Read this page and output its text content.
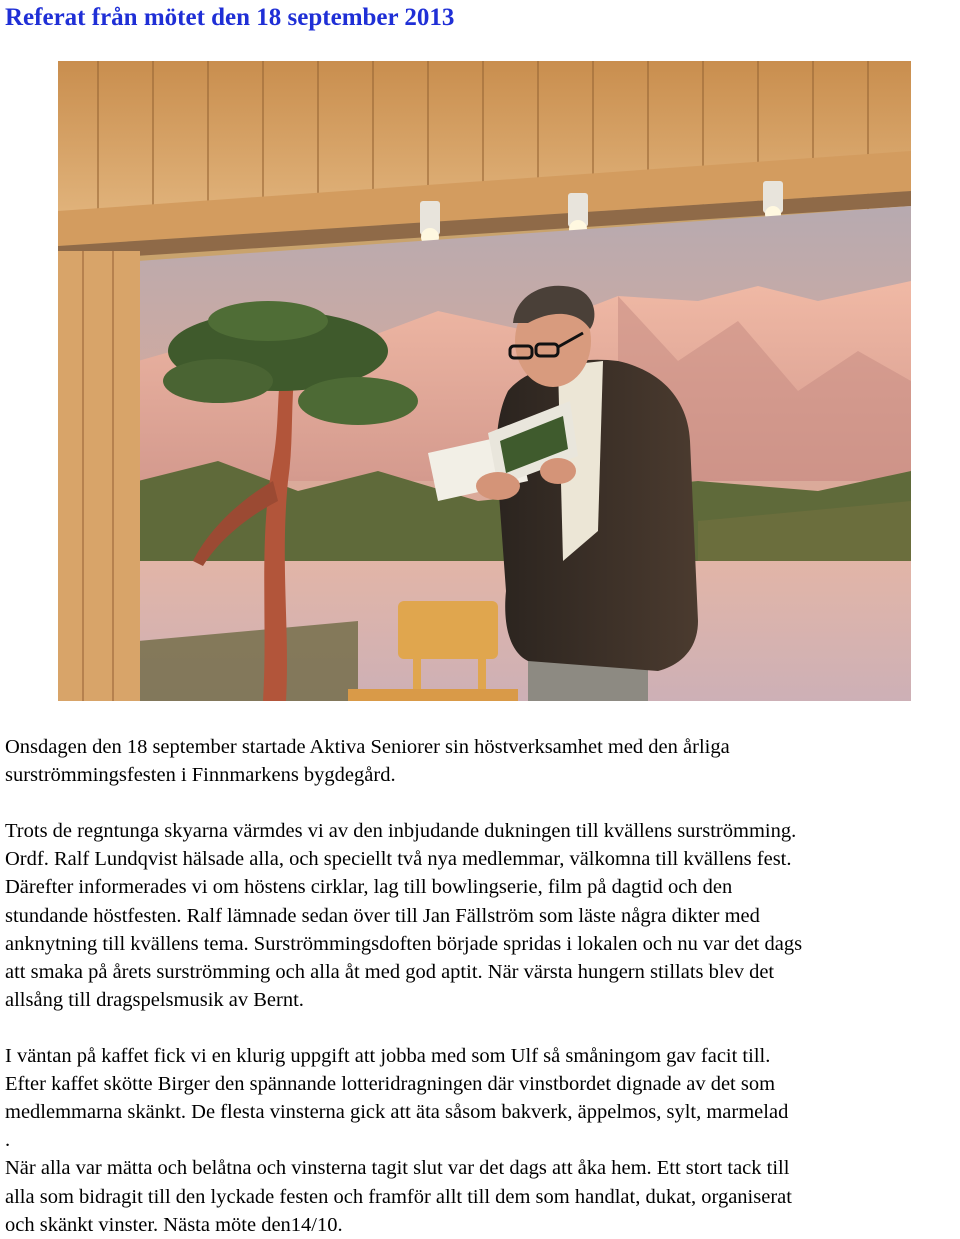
Referat från mötet den 18 september 2013

Onsdagen den 18 september startade Aktiva Seniorer sin höstverksamhet med den årliga
surströmmingsfesten i Finnmarkens bygdegård.

Trots de regntunga skyarna värmdes vi av den inbjudande dukningen till kvällens surströmming.
Ordf. Ralf Lundqvist hälsade alla, och speciellt två nya medlemmar, välkomna till kvällens fest.
Därefter informerades vi om höstens cirklar, lag till bowlingserie, film på dagtid och den
stundande höstfesten. Ralf lämnade sedan över till Jan Fällström som läste några dikter med
anknytning till kvällens tema. Surströmmingsdoften började spridas i lokalen och nu var det dags
att smaka på årets surströmming och alla åt med god aptit. När värsta hungern stillats blev det
allsång till dragspelsmusik av Bernt.

I väntan på kaffet fick vi en klurig uppgift att jobba med som Ulf så småningom gav facit till.
Efter kaffet skötte Birger den spännande lotteridragningen där vinstbordet dignade av det som
medlemmarna skänkt. De flesta vinsterna gick att äta såsom bakverk, äppelmos, sylt, marmelad
.
När alla var mätta och belåtna och vinsterna tagit slut var det dags att åka hem. Ett stort tack till
alla som bidragit till den lyckade festen och framför allt till dem som handlat, dukat, organiserat
och skänkt vinster. Nästa möte den14/10.
